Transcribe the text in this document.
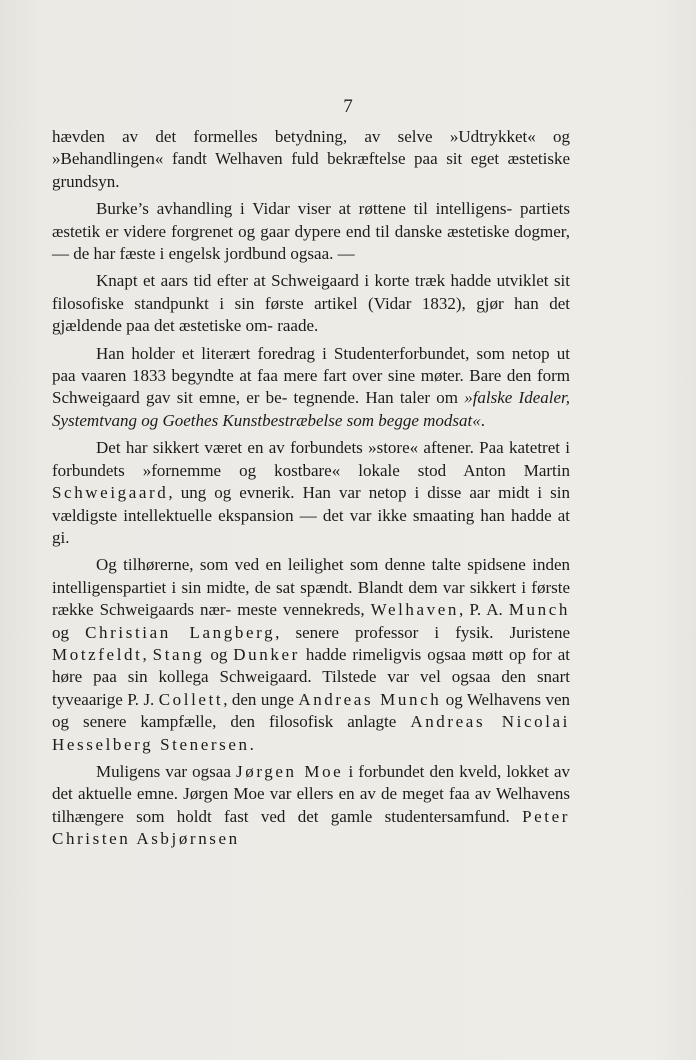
7

hævden av det formelles betydning, av selve »Udtrykket« og »Behandlingen« fandt Welhaven fuld bekræftelse paa sit eget æstetiske grundsyn.

Burke’s avhandling i Vidar viser at røttene til intelligens‑ partiets æstetik er videre forgrenet og gaar dypere end til danske æstetiske dogmer, — de har fæste i engelsk jordbund ogsaa. —

Knapt et aars tid efter at Schweigaard i korte træk hadde utviklet sit filosofiske standpunkt i sin første artikel (Vidar 1832), gjør han det gjældende paa det æstetiske om‑ raade.

Han holder et literært foredrag i Studenterforbundet, som netop ut paa vaaren 1833 begyndte at faa mere fart over sine møter. Bare den form Schweigaard gav sit emne, er be‑ tegnende. Han taler om »falske Idealer, Systemtvang og Goethes Kunstbestræbelse som begge modsat«.

Det har sikkert været en av forbundets »store« aftener. Paa katetret i forbundets »fornemme og kostbare« lokale stod Anton Martin Schweigaard, ung og evnerik. Han var netop i disse aar midt i sin vældigste intellektuelle ekspansion — det var ikke smaating han hadde at gi.

Og tilhørerne, som ved en leilighet som denne talte spidsene inden intelligenspartiet i sin midte, de sat spændt. Blandt dem var sikkert i første række Schweigaards nær‑ meste vennekreds, Welhaven, P. A. Munch og Christian Langberg, senere professor i fysik. Juristene Motzfeldt, Stang og Dunker hadde rimeligvis ogsaa møtt op for at høre paa sin kollega Schweigaard. Tilstede var vel ogsaa den snart tyveaarige P. J. Collett, den unge Andreas Munch og Welhavens ven og senere kampfælle, den filosofisk anlagte Andreas Nicolai Hesselberg Stenersen.

Muligens var ogsaa Jørgen Moe i forbundet den kveld, lokket av det aktuelle emne. Jørgen Moe var ellers en av de meget faa av Welhavens tilhængere som holdt fast ved det gamle studentersamfund. Peter Christen Asbjørnsen
